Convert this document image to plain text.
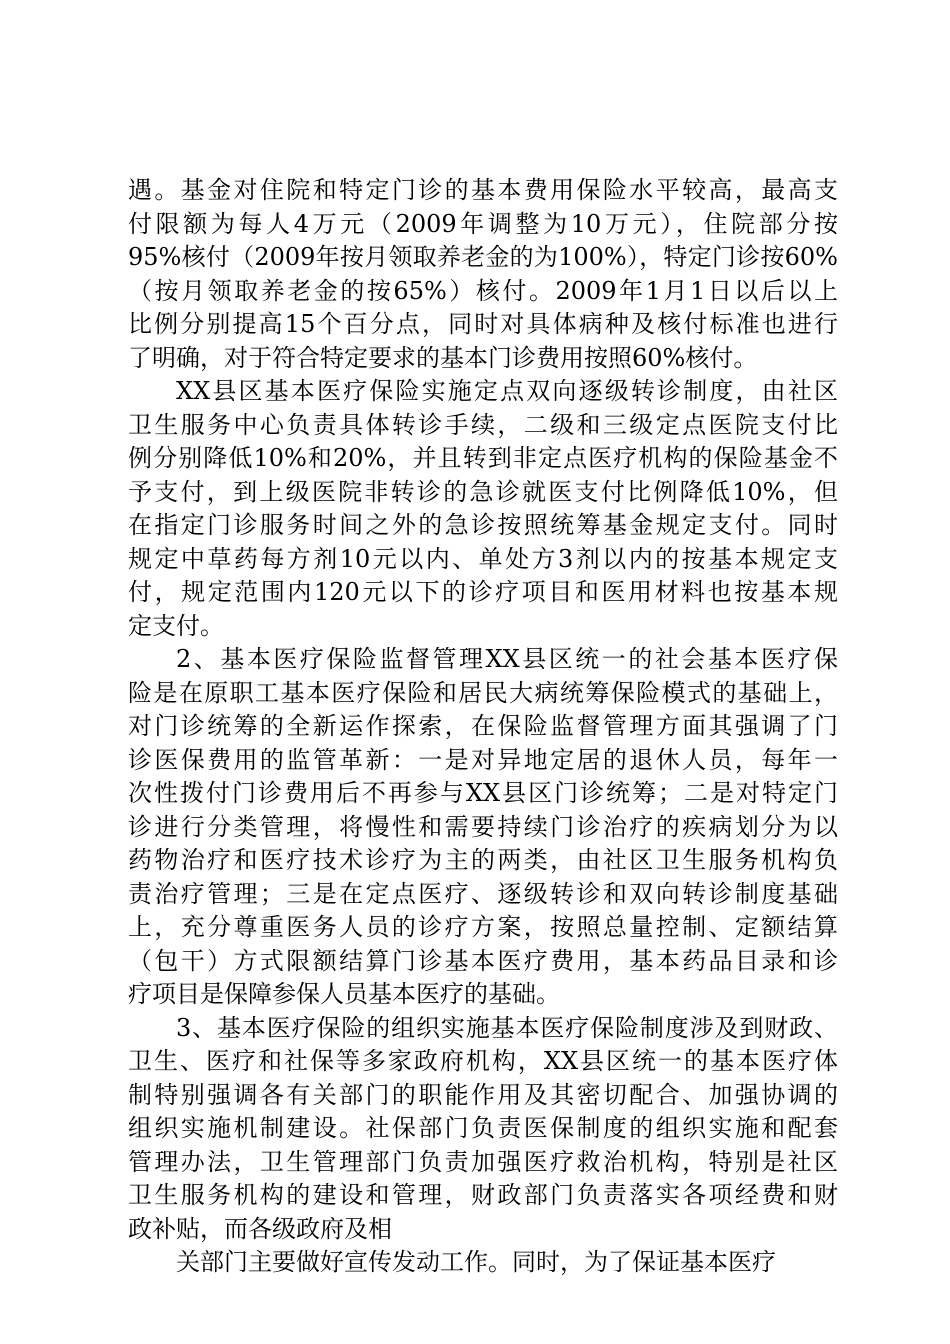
遇。基金对住院和特定门诊的基本费用保险水平较高，最高支
付限额为每人4万元（2009年调整为10万元），住院部分按
95%核付（2009年按月领取养老金的为100%），特定门诊按60%
（按月领取养老金的按65%）核付。2009年1月1日以后以上
比例分别提高15个百分点，同时对具体病种及核付标准也进行
了明确，对于符合特定要求的基本门诊费用按照60%核付。
XX县区基本医疗保险实施定点双向逐级转诊制度，由社区
卫生服务中心负责具体转诊手续，二级和三级定点医院支付比
例分别降低10%和20%，并且转到非定点医疗机构的保险基金不
予支付，到上级医院非转诊的急诊就医支付比例降低10%，但
在指定门诊服务时间之外的急诊按照统筹基金规定支付。同时
规定中草药每方剂10元以内、单处方3剂以内的按基本规定支
付，规定范围内120元以下的诊疗项目和医用材料也按基本规
定支付。
2、基本医疗保险监督管理XX县区统一的社会基本医疗保
险是在原职工基本医疗保险和居民大病统筹保险模式的基础上，
对门诊统筹的全新运作探索，在保险监督管理方面其强调了门
诊医保费用的监管革新：一是对异地定居的退休人员，每年一
次性拨付门诊费用后不再参与XX县区门诊统筹；二是对特定门
诊进行分类管理，将慢性和需要持续门诊治疗的疾病划分为以
药物治疗和医疗技术诊疗为主的两类，由社区卫生服务机构负
责治疗管理；三是在定点医疗、逐级转诊和双向转诊制度基础
上，充分尊重医务人员的诊疗方案，按照总量控制、定额结算
（包干）方式限额结算门诊基本医疗费用，基本药品目录和诊
疗项目是保障参保人员基本医疗的基础。
3、基本医疗保险的组织实施基本医疗保险制度涉及到财政、
卫生、医疗和社保等多家政府机构，XX县区统一的基本医疗体
制特别强调各有关部门的职能作用及其密切配合、加强协调的
组织实施机制建设。社保部门负责医保制度的组织实施和配套
管理办法，卫生管理部门负责加强医疗救治机构，特别是社区
卫生服务机构的建设和管理，财政部门负责落实各项经费和财
政补贴，而各级政府及相
关部门主要做好宣传发动工作。同时，为了保证基本医疗
